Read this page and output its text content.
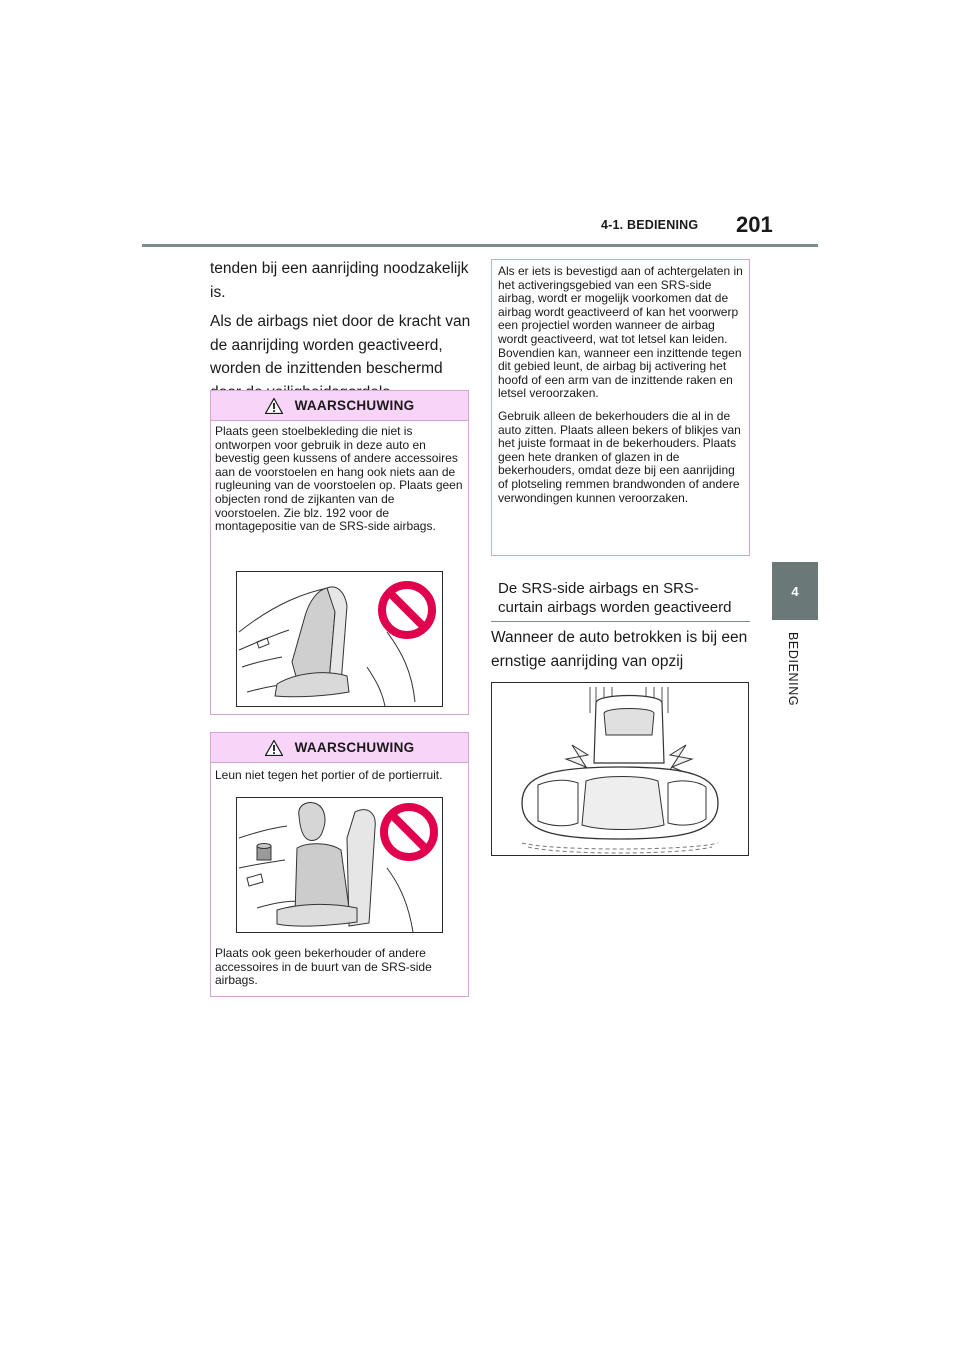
4-1. BEDIENING 201
4
BEDIENING

tenden bij een aanrijding noodzakelijk is.

Als de airbags niet door de kracht van de aanrijding worden geactiveerd, worden de inzittenden beschermd

WAARSCHUWING
Plaats geen stoelbekleding die niet is ontworpen voor gebruik in deze auto en bevestig geen kussens of andere accessoires aan de voorstoelen en hang ook niets aan de rugleuning van de voorstoelen op. Plaats geen objecten rond de zijkanten van de voorstoelen. Zie blz. 192 voor de montagepositie van de SRS-side airbags.
WAARSCHUWING
Leun niet tegen het portier of de portierruit.
Plaats ook geen bekerhouder of andere accessoires in de buurt van de SRS-side airbags.

Als er iets is bevestigd aan of achtergelaten in het activeringsgebied van een SRS-side airbag, wordt er mogelijk voorkomen dat de airbag wordt geactiveerd of kan het voorwerp een projectiel worden wanneer de airbag wordt geactiveerd, wat tot letsel kan leiden. Bovendien kan, wanneer een inzittende tegen dit gebied leunt, de airbag bij activering het hoofd of een arm van de inzittende raken en letsel veroorzaken.

Gebruik alleen de bekerhouders die al in de auto zitten. Plaats alleen bekers of blikjes van het juiste formaat in de bekerhouders. Plaats geen hete dranken of glazen in de bekerhouders, omdat deze bij een aanrijding of plotseling remmen brandwonden of andere verwondingen kunnen veroorzaken.

De SRS-side airbags en SRS-curtain airbags worden geactiveerd
Wanneer de auto betrokken is bij een ernstige aanrijding van opzij
